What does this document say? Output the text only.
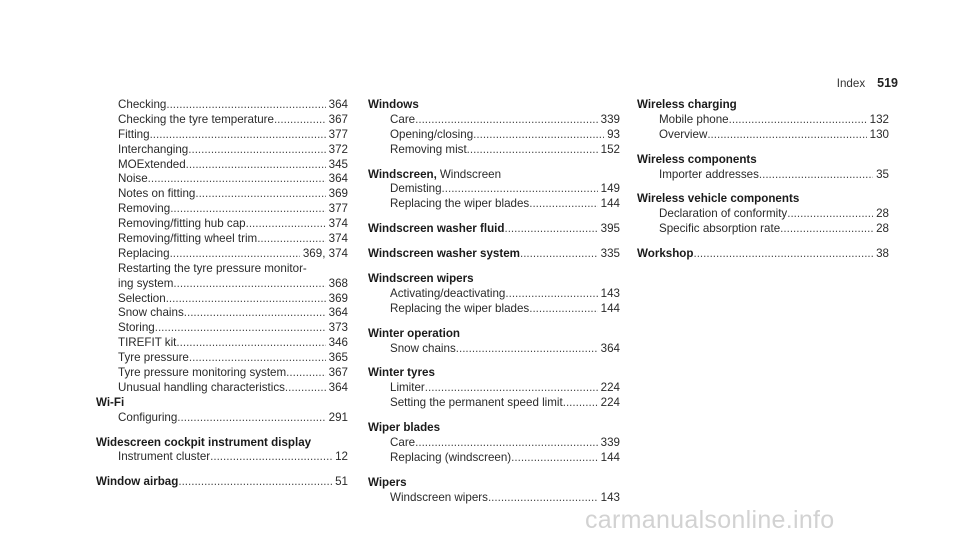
Index 519
Checking .....	364
Checking the tyre temperature .....	367
Fitting .....	377
Interchanging .....	372
MOExtended .....	345
Noise .....	364
Notes on fitting .....	369
Removing .....	377
Removing/fitting hub cap .....	374
Removing/fitting wheel trim .....	374
Replacing .....	369, 374
Restarting the tyre pressure monitor-
ing system .....	368
Selection .....	369
Snow chains .....	364
Storing .....	373
TIREFIT kit .....	346
Tyre pressure .....	365
Tyre pressure monitoring system .....	367
Unusual handling characteristics .....	364
Wi-Fi
Configuring .....	291
Widescreen cockpit instrument display
Instrument cluster .....	12
Window airbag .....	51
Windows
Care .....	339
Opening/closing .....	93
Removing mist .....	152
Windscreen, Windscreen
Demisting .....	149
Replacing the wiper blades .....	144
Windscreen washer fluid .....	395
Windscreen washer system .....	335
Windscreen wipers
Activating/deactivating .....	143
Replacing the wiper blades .....	144
Winter operation
Snow chains .....	364
Winter tyres
Limiter .....	224
Setting the permanent speed limit .....	224
Wiper blades
Care .....	339
Replacing (windscreen) .....	144
Wipers
Windscreen wipers .....	143
Wireless charging
Mobile phone .....	132
Overview .....	130
Wireless components
Importer addresses .....	35
Wireless vehicle components
Declaration of conformity .....	28
Specific absorption rate .....	28
Workshop .....	38
carmanualsonline.info
